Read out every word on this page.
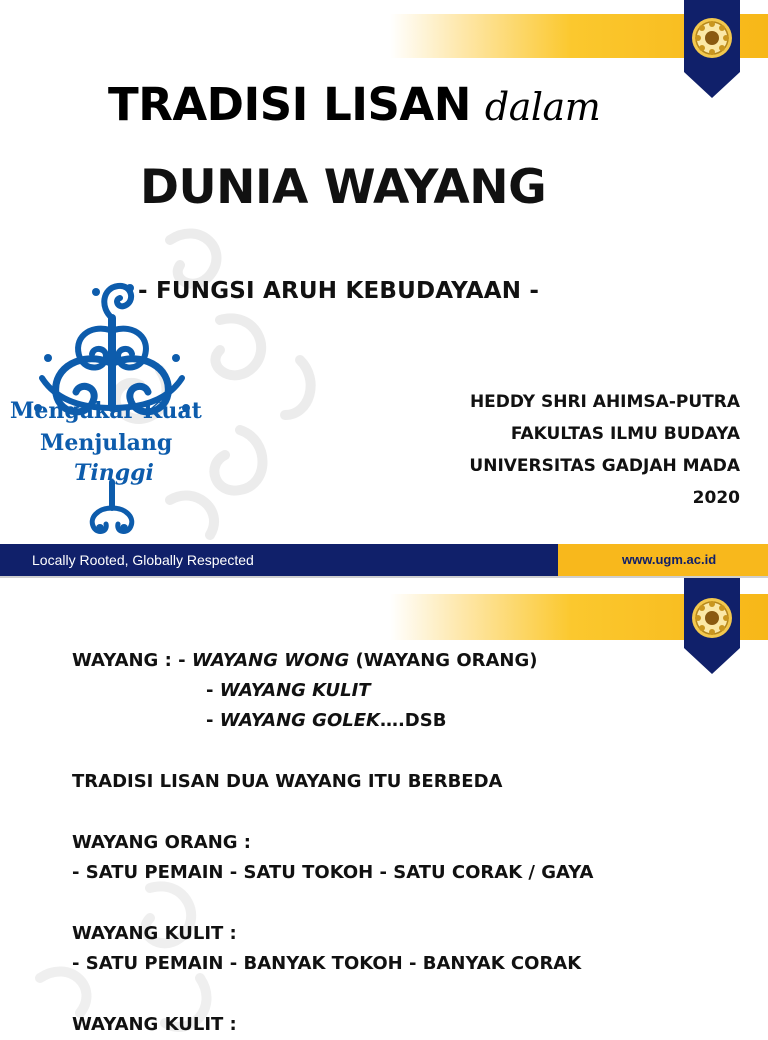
TRADISI LISAN dalam
DUNIA WAYANG

- FUNGSI ARUH KEBUDAYAAN -

Mengakar Kuat
Menjulang
Tinggi
HEDDY SHRI AHIMSA-PUTRA
FAKULTAS ILMU BUDAYA
UNIVERSITAS GADJAH MADA
2020
Locally Rooted, Globally Respected	www.ugm.ac.id
WAYANG : - WAYANG WONG (WAYANG ORANG)
- WAYANG KULIT
- WAYANG GOLEK….DSB
TRADISI LISAN DUA WAYANG ITU BERBEDA
WAYANG ORANG :
- SATU PEMAIN - SATU TOKOH - SATU CORAK / GAYA
WAYANG KULIT :
- SATU PEMAIN - BANYAK TOKOH - BANYAK CORAK
WAYANG KULIT :
